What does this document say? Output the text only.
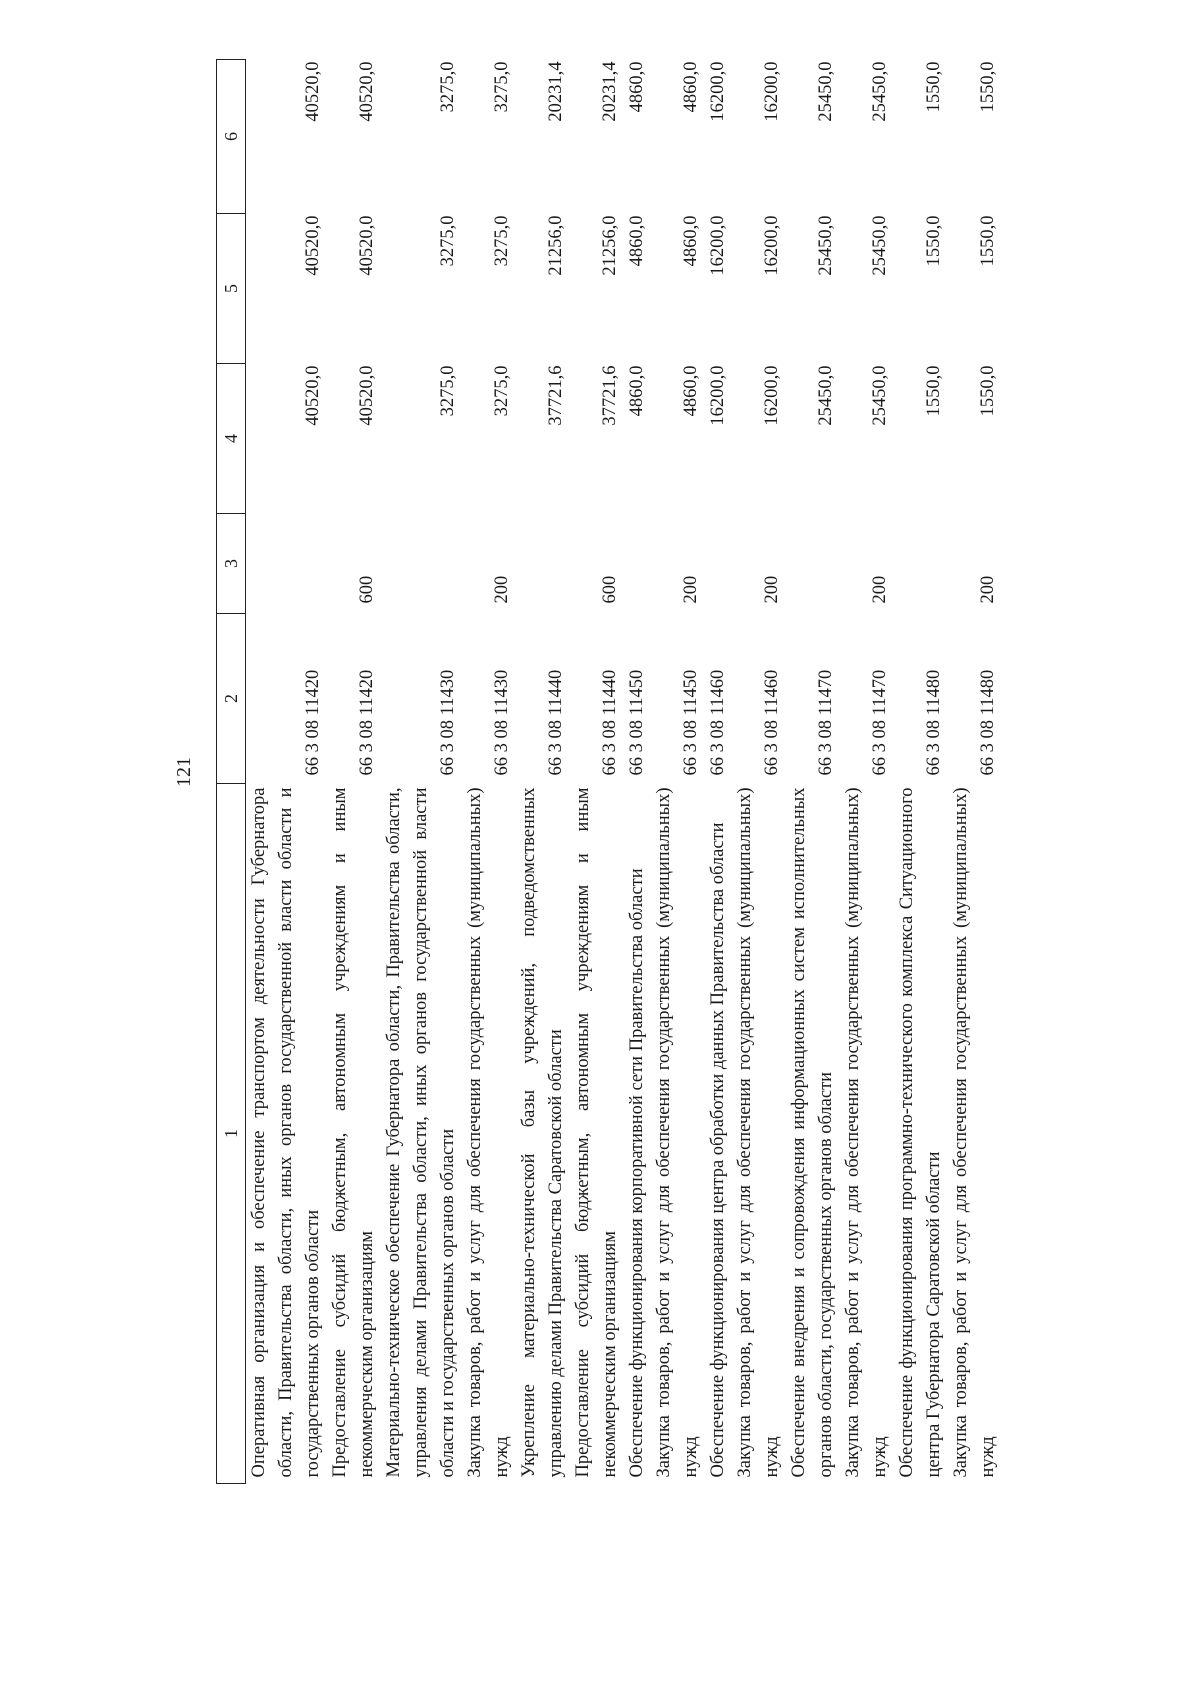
121
1	2	3	4	5	6
Оперативная организация и обеспечение транспортом деятельности Губернатора области, Правительства области, иных органов государственной власти области и государственных органов области	66 3 08 11420		40520,0	40520,0	40520,0
Предоставление субсидий бюджетным, автономным учреждениям и иным некоммерческим организациям	66 3 08 11420	600	40520,0	40520,0	40520,0
Материально-техническое обеспечение Губернатора области, Правительства области, управления делами Правительства области, иных органов государственной власти области и государственных органов области	66 3 08 11430		3275,0	3275,0	3275,0
Закупка товаров, работ и услуг для обеспечения государственных (муниципальных) нужд	66 3 08 11430	200	3275,0	3275,0	3275,0
Укрепление материально-технической базы учреждений, подведомственных управлению делами Правительства Саратовской области	66 3 08 11440		37721,6	21256,0	20231,4
Предоставление субсидий бюджетным, автономным учреждениям и иным некоммерческим организациям	66 3 08 11440	600	37721,6	21256,0	20231,4
Обеспечение функционирования корпоративной сети Правительства области	66 3 08 11450		4860,0	4860,0	4860,0
Закупка товаров, работ и услуг для обеспечения государственных (муниципальных) нужд	66 3 08 11450	200	4860,0	4860,0	4860,0
Обеспечение функционирования центра обработки данных Правительства области	66 3 08 11460		16200,0	16200,0	16200,0
Закупка товаров, работ и услуг для обеспечения государственных (муниципальных) нужд	66 3 08 11460	200	16200,0	16200,0	16200,0
Обеспечение внедрения и сопровождения информационных систем исполнительных органов области, государственных органов области	66 3 08 11470		25450,0	25450,0	25450,0
Закупка товаров, работ и услуг для обеспечения государственных (муниципальных) нужд	66 3 08 11470	200	25450,0	25450,0	25450,0
Обеспечение функционирования программно-технического комплекса Ситуационного центра Губернатора Саратовской области	66 3 08 11480		1550,0	1550,0	1550,0
Закупка товаров, работ и услуг для обеспечения государственных (муниципальных) нужд	66 3 08 11480	200	1550,0	1550,0	1550,0
